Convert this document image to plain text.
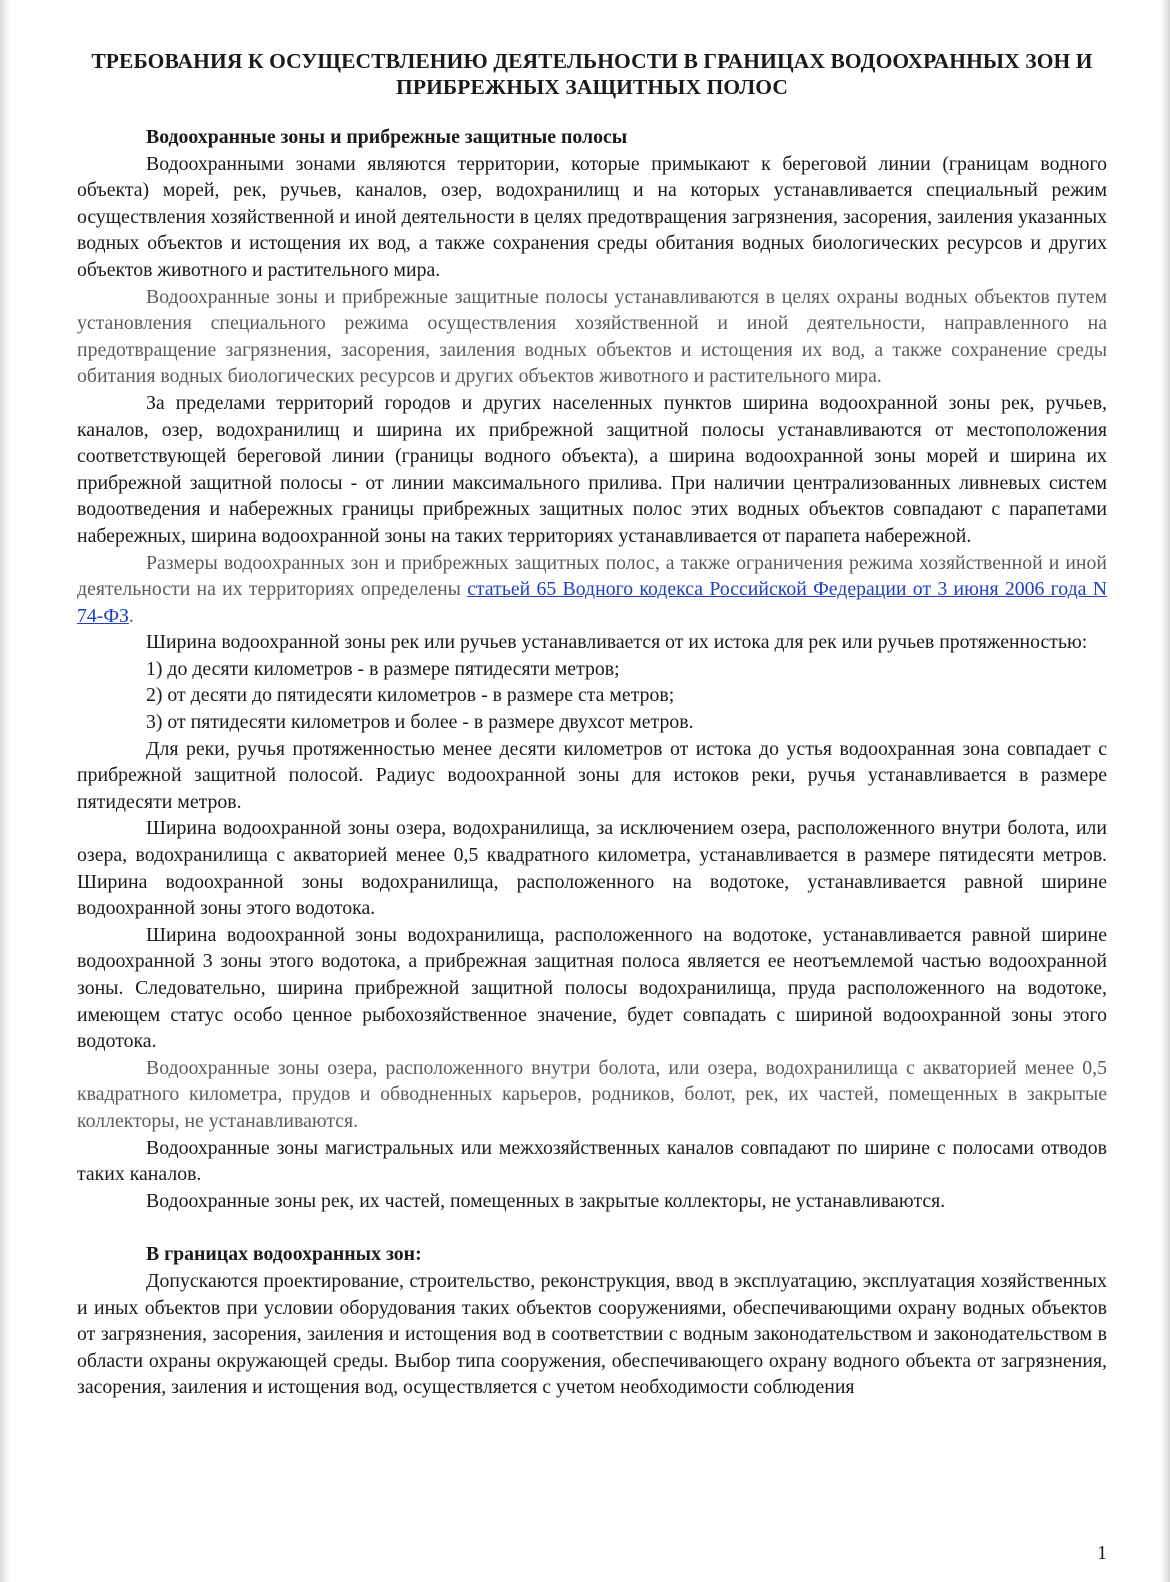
ТРЕБОВАНИЯ К ОСУЩЕСТВЛЕНИЮ ДЕЯТЕЛЬНОСТИ В ГРАНИЦАХ ВОДООХРАННЫХ ЗОН И ПРИБРЕЖНЫХ ЗАЩИТНЫХ ПОЛОС

Водоохранные зоны и прибрежные защитные полосы

Водоохранными зонами являются территории, которые примыкают к береговой линии (границам водного объекта) морей, рек, ручьев, каналов, озер, водохранилищ и на которых устанавливается специальный режим осуществления хозяйственной и иной деятельности в целях предотвращения загрязнения, засорения, заиления указанных водных объектов и истощения их вод, а также сохранения среды обитания водных биологических ресурсов и других объектов животного и растительного мира.

Водоохранные зоны и прибрежные защитные полосы устанавливаются в целях охраны водных объектов путем установления специального режима осуществления хозяйственной и иной деятельности, направленного на предотвращение загрязнения, засорения, заиления водных объектов и истощения их вод, а также сохранение среды обитания водных биологических ресурсов и других объектов животного и растительного мира.

За пределами территорий городов и других населенных пунктов ширина водоохранной зоны рек, ручьев, каналов, озер, водохранилищ и ширина их прибрежной защитной полосы устанавливаются от местоположения соответствующей береговой линии (границы водного объекта), а ширина водоохранной зоны морей и ширина их прибрежной защитной полосы - от линии максимального прилива. При наличии централизованных ливневых систем водоотведения и набережных границы прибрежных защитных полос этих водных объектов совпадают с парапетами набережных, ширина водоохранной зоны на таких территориях устанавливается от парапета набережной.

Размеры водоохранных зон и прибрежных защитных полос, а также ограничения режима хозяйственной и иной деятельности на их территориях определены статьей 65 Водного кодекса Российской Федерации от 3 июня 2006 года N 74-ФЗ.

Ширина водоохранной зоны рек или ручьев устанавливается от их истока для рек или ручьев протяженностью:

1) до десяти километров - в размере пятидесяти метров;

2) от десяти до пятидесяти километров - в размере ста метров;

3) от пятидесяти километров и более - в размере двухсот метров.

Для реки, ручья протяженностью менее десяти километров от истока до устья водоохранная зона совпадает с прибрежной защитной полосой. Радиус водоохранной зоны для истоков реки, ручья устанавливается в размере пятидесяти метров.

Ширина водоохранной зоны озера, водохранилища, за исключением озера, расположенного внутри болота, или озера, водохранилища с акваторией менее 0,5 квадратного километра, устанавливается в размере пятидесяти метров. Ширина водоохранной зоны водохранилища, расположенного на водотоке, устанавливается равной ширине водоохранной зоны этого водотока.

Ширина водоохранной зоны водохранилища, расположенного на водотоке, устанавливается равной ширине водоохранной 3 зоны этого водотока, а прибрежная защитная полоса является ее неотъемлемой частью водоохранной зоны. Следовательно, ширина прибрежной защитной полосы водохранилища, пруда расположенного на водотоке, имеющем статус особо ценное рыбохозяйственное значение, будет совпадать с шириной водоохранной зоны этого водотока.

Водоохранные зоны озера, расположенного внутри болота, или озера, водохранилища с акваторией менее 0,5 квадратного километра, прудов и обводненных карьеров, родников, болот, рек, их частей, помещенных в закрытые коллекторы, не устанавливаются.

Водоохранные зоны магистральных или межхозяйственных каналов совпадают по ширине с полосами отводов таких каналов.

Водоохранные зоны рек, их частей, помещенных в закрытые коллекторы, не устанавливаются.

В границах водоохранных зон:

Допускаются проектирование, строительство, реконструкция, ввод в эксплуатацию, эксплуатация хозяйственных и иных объектов при условии оборудования таких объектов сооружениями, обеспечивающими охрану водных объектов от загрязнения, засорения, заиления и истощения вод в соответствии с водным законодательством и законодательством в области охраны окружающей среды. Выбор типа сооружения, обеспечивающего охрану водного объекта от загрязнения, засорения, заиления и истощения вод, осуществляется с учетом необходимости соблюдения

1
